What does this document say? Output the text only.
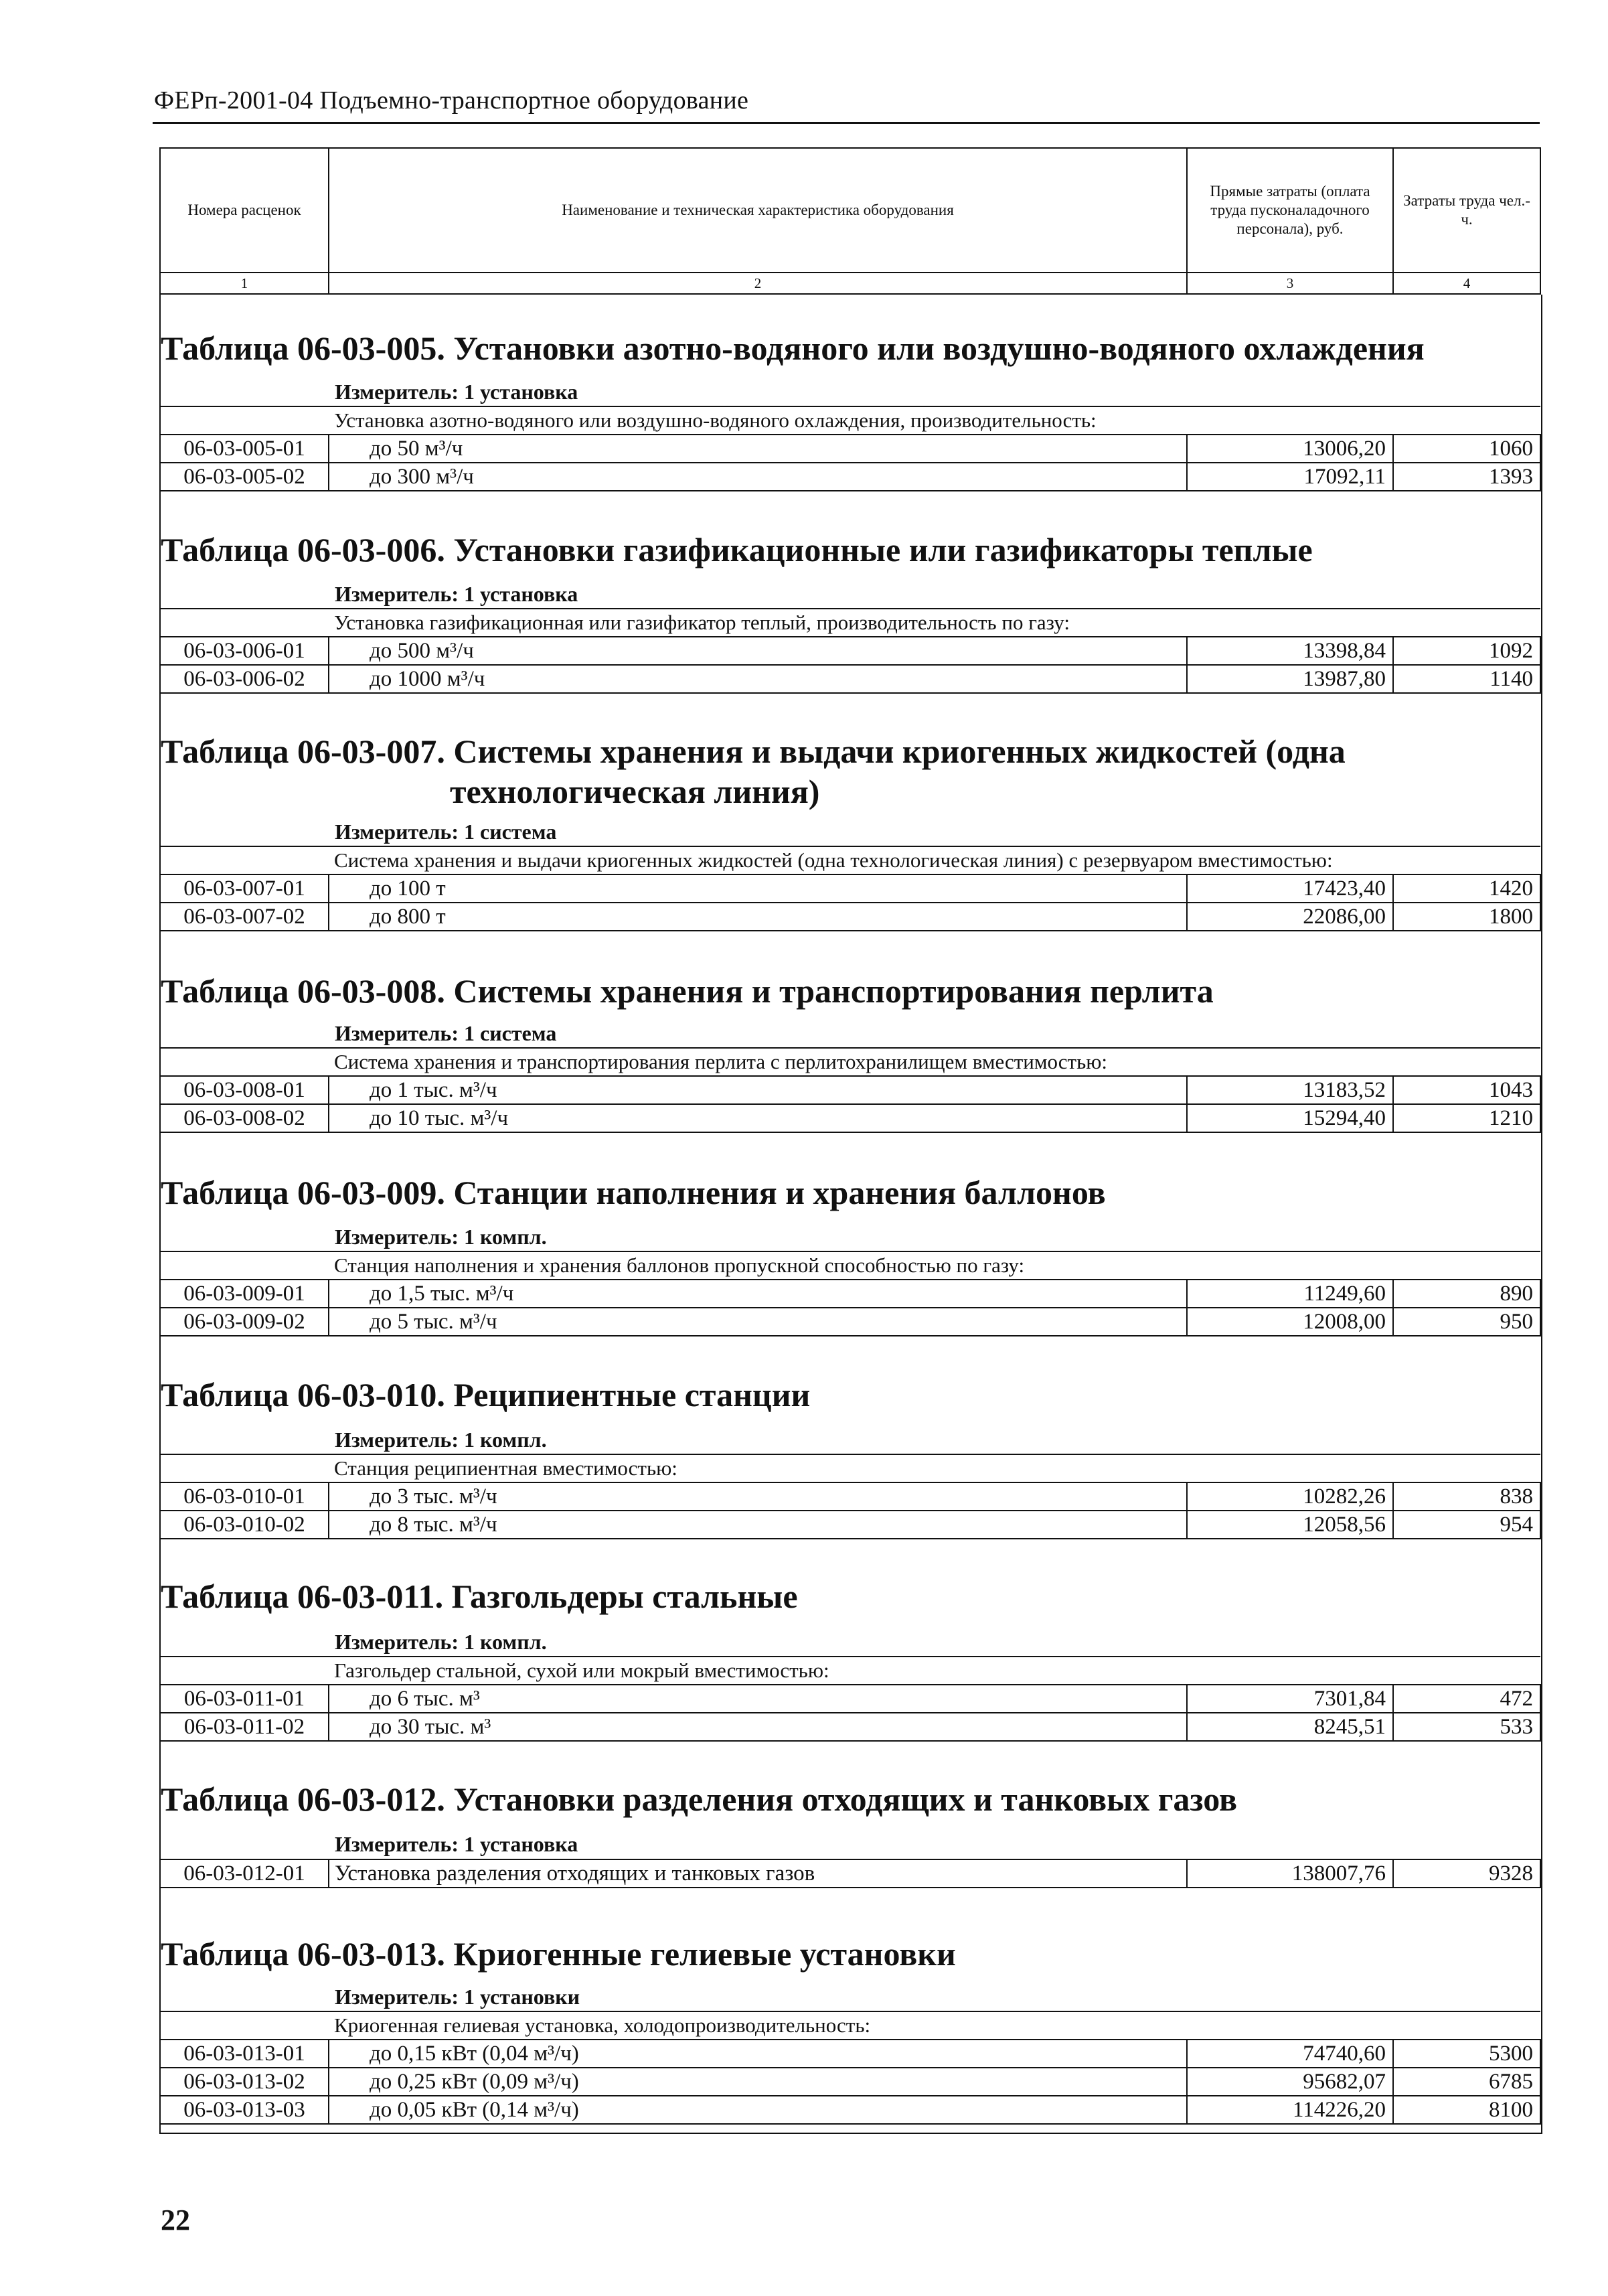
ФЕРп-2001-04 Подъемно-транспортное оборудование
Номера расценок	Наименование и техническая характеристика оборудования	Прямые затраты (оплата труда пусконаладочного персонала), руб.	Затраты труда чел.-ч.
1	2	3	4
Таблица 06-03-005. Установки азотно-водяного или воздушно-водяного охлаждения
Измеритель: 1 установка
Установка азотно-водяного или воздушно-водяного охлаждения, производительность:			
06-03-005-01	до 50 м³/ч	13006,20	1060
06-03-005-02	до 300 м³/ч	17092,11	1393
Таблица 06-03-006. Установки газификационные или газификаторы теплые
Измеритель: 1 установка
Установка газификационная или газификатор теплый, производительность по газу:			
06-03-006-01	до 500 м³/ч	13398,84	1092
06-03-006-02	до 1000 м³/ч	13987,80	1140
Таблица 06-03-007. Системы хранения и выдачи криогенных жидкостей (одна
технологическая линия)
Измеритель: 1 система
Система хранения и выдачи криогенных жидкостей (одна технологическая линия) с резервуаром вместимостью:			
06-03-007-01	до 100 т	17423,40	1420
06-03-007-02	до 800 т	22086,00	1800
Таблица 06-03-008. Системы хранения и транспортирования перлита
Измеритель: 1 система
Система хранения и транспортирования перлита с перлитохранилищем вместимостью:			
06-03-008-01	до 1 тыс. м³/ч	13183,52	1043
06-03-008-02	до 10 тыс. м³/ч	15294,40	1210
Таблица 06-03-009. Станции наполнения и хранения баллонов
Измеритель: 1 компл.
Станция наполнения и хранения баллонов пропускной способностью по газу:			
06-03-009-01	до 1,5 тыс. м³/ч	11249,60	890
06-03-009-02	до 5 тыс. м³/ч	12008,00	950
Таблица 06-03-010. Реципиентные станции
Измеритель: 1 компл.
Станция реципиентная вместимостью:			
06-03-010-01	до 3 тыс. м³/ч	10282,26	838
06-03-010-02	до 8 тыс. м³/ч	12058,56	954
Таблица 06-03-011. Газгольдеры стальные
Измеритель: 1 компл.
Газгольдер стальной, сухой или мокрый вместимостью:			
06-03-011-01	до 6 тыс. м³	7301,84	472
06-03-011-02	до 30 тыс. м³	8245,51	533
Таблица 06-03-012. Установки разделения отходящих и танковых газов
Измеритель: 1 установка
06-03-012-01	Установка разделения отходящих и танковых газов	138007,76	9328
Таблица 06-03-013. Криогенные гелиевые установки
Измеритель: 1 установки
Криогенная гелиевая установка, холодопроизводительность:			
06-03-013-01	до 0,15 кВт (0,04 м³/ч)	74740,60	5300
06-03-013-02	до 0,25 кВт (0,09 м³/ч)	95682,07	6785
06-03-013-03	до 0,05 кВт (0,14 м³/ч)	114226,20	8100
22
